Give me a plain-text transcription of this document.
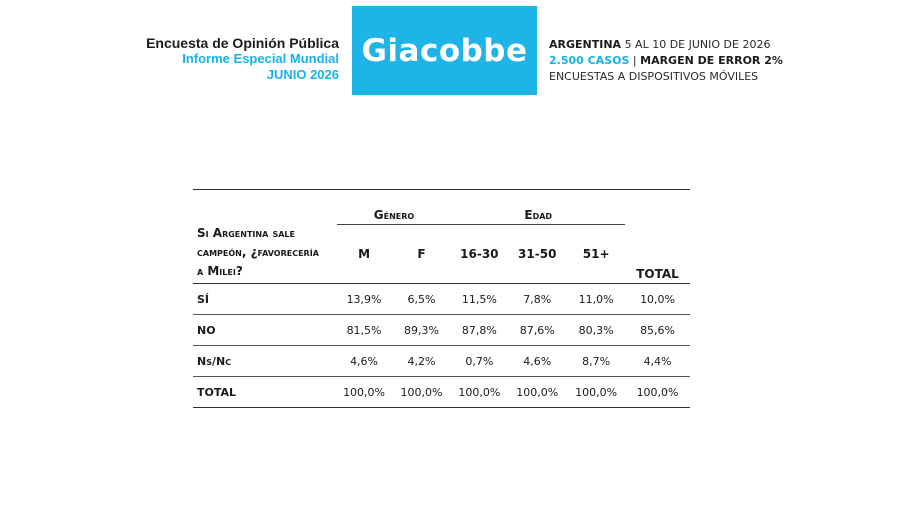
Encuesta de Opinión Pública
Informe Especial Mundial
JUNIO 2026
Giacobbe ARGENTINA 5 AL 10 DE JUNIO DE 2026
2.500 CASOS | MARGEN DE ERROR 2%
ENCUESTAS A DISPOSITIVOS MÓVILES

Si Argentina sale
campeón, ¿favorecería
a Milei?	Género		Edad			TOTAL

	M	F	16-30	31-50	51+	
SÍ	13,9%	6,5%	11,5%	7,8%	11,0%	10,0%
NO	81,5%	89,3%	87,8%	87,6%	80,3%	85,6%
Ns/Nc	4,6%	4,2%	0,7%	4,6%	8,7%	4,4%
TOTAL	100,0%	100,0%	100,0%	100,0%	100,0%	100,0%
